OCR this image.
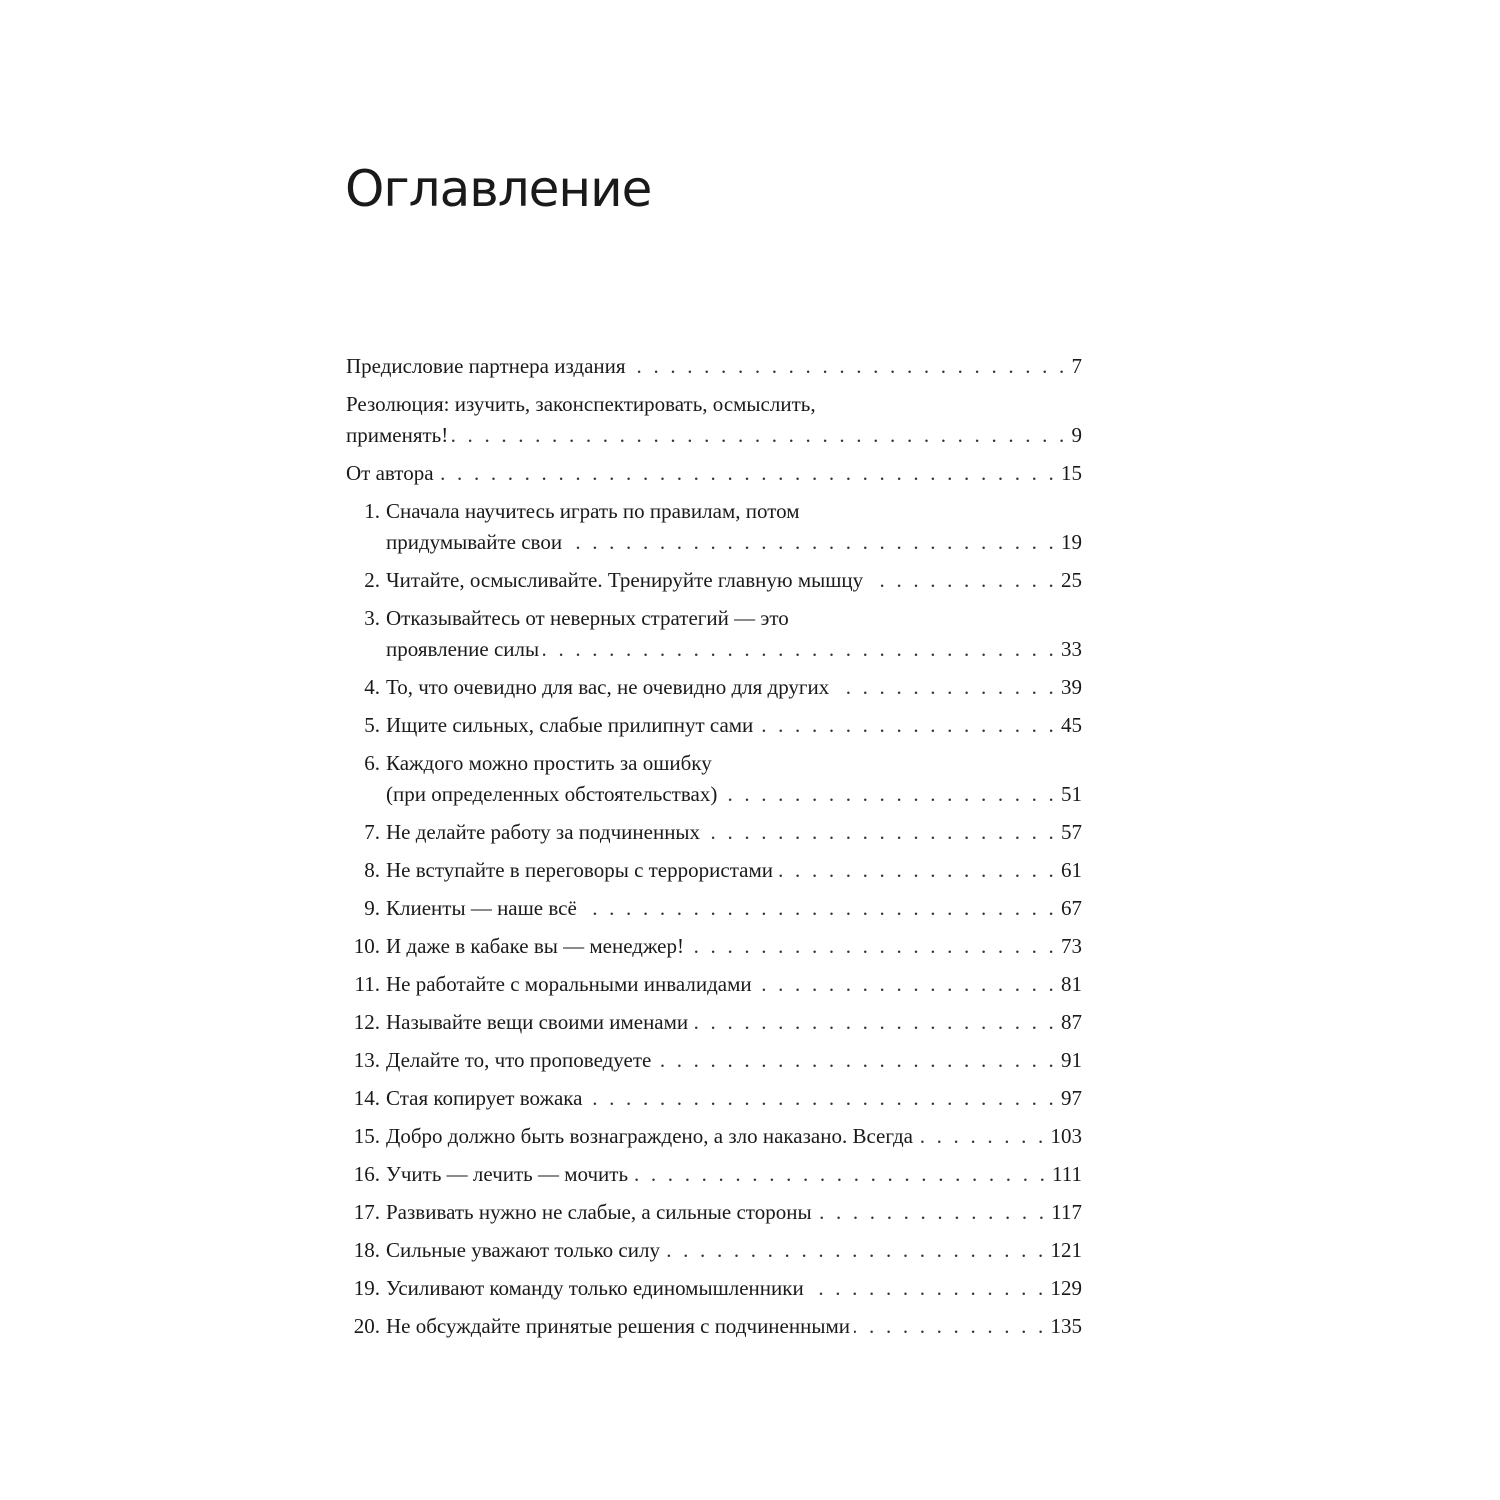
Оглавление
Предисловие партнера издания . . .	7
Резолюция: изучить, законспектировать, осмыслить,
применять! . . .	9
От автора . . .	15
1. Сначала научитесь играть по правилам, потом
придумывайте свои . . .	19
2. Читайте, осмысливайте. Тренируйте главную мышцу . . .	25
3. Отказывайтесь от неверных стратегий — это
проявление силы . . .	33
4. То, что очевидно для вас, не очевидно для других . . .	39
5. Ищите сильных, слабые прилипнут сами . . .	45
6. Каждого можно простить за ошибку
(при определенных обстоятельствах) . . .	51
7. Не делайте работу за подчиненных . . .	57
8. Не вступайте в переговоры с террористами . . .	61
9. Клиенты — наше всё . . .	67
10. И даже в кабаке вы — менеджер! . . .	73
11. Не работайте с моральными инвалидами . . .	81
12. Называйте вещи своими именами . . .	87
13. Делайте то, что проповедуете . . .	91
14. Стая копирует вожака . . .	97
15. Добро должно быть вознаграждено, а зло наказано. Всегда . . .	103
16. Учить — лечить — мочить . . .	111
17. Развивать нужно не слабые, а сильные стороны . . .	117
18. Сильные уважают только силу . . .	121
19. Усиливают команду только единомышленники . . .	129
20. Не обсуждайте принятые решения с подчиненными . . .	135
